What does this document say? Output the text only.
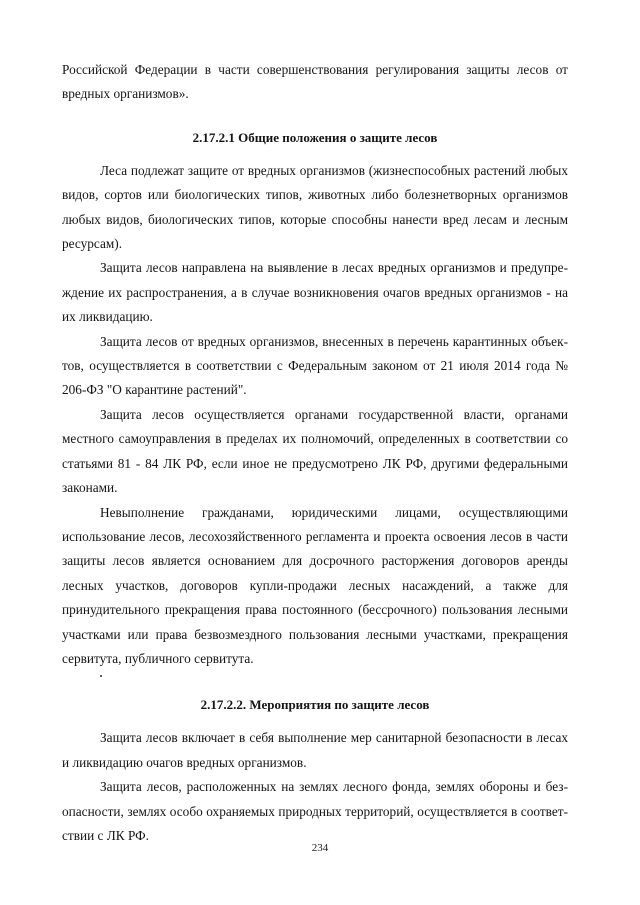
Российской Федерации в части совершенствования регулирования защиты лесов от вредных организмов».

2.17.2.1 Общие положения о защите лесов

Леса подлежат защите от вредных организмов (жизнеспособных растений любых видов, сортов или биологических типов, животных либо болезнетворных организмов любых видов, биологических типов, которые способны нанести вред лесам и лесным ресурсам).

Защита лесов направлена на выявление в лесах вредных организмов и предупреждение их распространения, а в случае возникновения очагов вредных организмов - на их ликвидацию.

Защита лесов от вредных организмов, внесенных в перечень карантинных объектов, осуществляется в соответствии с Федеральным законом от 21 июля 2014 года № 206-ФЗ "О карантине растений".

Защита лесов осуществляется органами государственной власти, органами местного самоуправления в пределах их полномочий, определенных в соответствии со статьями 81 - 84 ЛК РФ, если иное не предусмотрено ЛК РФ, другими федеральными законами.

Невыполнение гражданами, юридическими лицами, осуществляющими использование лесов, лесохозяйственного регламента и проекта освоения лесов в части защиты лесов является основанием для досрочного расторжения договоров аренды лесных участков, договоров купли-продажи лесных насаждений, а также для принудительного прекращения права постоянного (бессрочного) пользования лесными участками или права безвозмездного пользования лесными участками, прекращения сервитута, публичного сервитута.

2.17.2.2. Мероприятия по защите лесов

Защита лесов включает в себя выполнение мер санитарной безопасности в лесах и ликвидацию очагов вредных организмов.

Защита лесов, расположенных на землях лесного фонда, землях обороны и безопасности, землях особо охраняемых природных территорий, осуществляется в соответствии с ЛК РФ.

234
